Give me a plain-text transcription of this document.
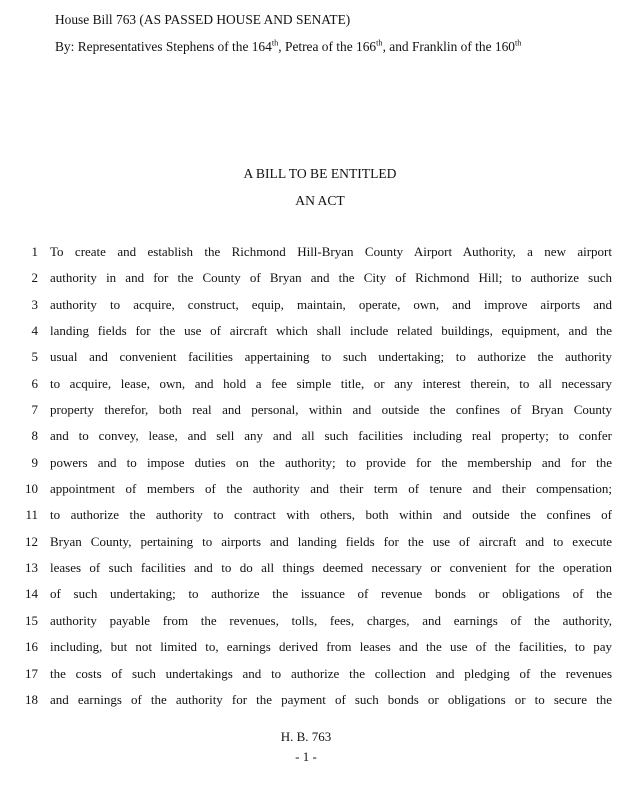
House Bill 763 (AS PASSED HOUSE AND SENATE)
By: Representatives Stephens of the 164th, Petrea of the 166th, and Franklin of the 160th
A BILL TO BE ENTITLED
AN ACT
1 To create and establish the Richmond Hill-Bryan County Airport Authority, a new airport
2 authority in and for the County of Bryan and the City of Richmond Hill; to authorize such
3 authority to acquire, construct, equip, maintain, operate, own, and improve airports and
4 landing fields for the use of aircraft which shall include related buildings, equipment, and the
5 usual and convenient facilities appertaining to such undertaking; to authorize the authority
6 to acquire, lease, own, and hold a fee simple title, or any interest therein, to all necessary
7 property therefor, both real and personal, within and outside the confines of Bryan County
8 and to convey, lease, and sell any and all such facilities including real property; to confer
9 powers and to impose duties on the authority; to provide for the membership and for the
10 appointment of members of the authority and their term of tenure and their compensation;
11 to authorize the authority to contract with others, both within and outside the confines of
12 Bryan County, pertaining to airports and landing fields for the use of aircraft and to execute
13 leases of such facilities and to do all things deemed necessary or convenient for the operation
14 of such undertaking; to authorize the issuance of revenue bonds or obligations of the
15 authority payable from the revenues, tolls, fees, charges, and earnings of the authority,
16 including, but not limited to, earnings derived from leases and the use of the facilities, to pay
17 the costs of such undertakings and to authorize the collection and pledging of the revenues
18 and earnings of the authority for the payment of such bonds or obligations or to secure the
H. B. 763
- 1 -
